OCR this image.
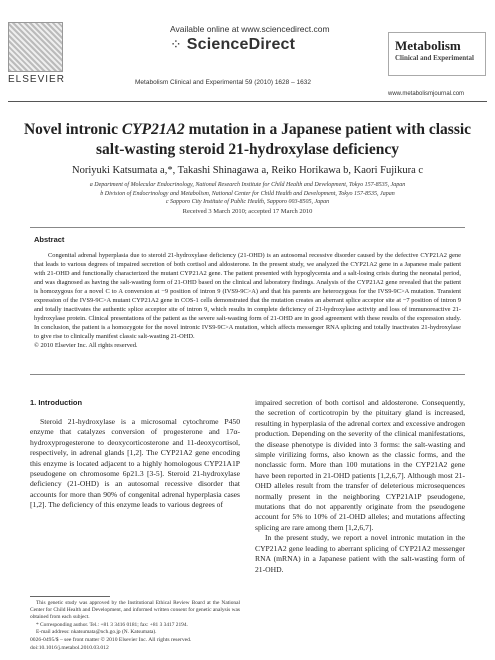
ELSEVIER
Available online at www.sciencedirect.com
⁘ ScienceDirect
Metabolism Clinical and Experimental 59 (2010) 1628 – 1632
Metabolism
Clinical and Experimental
www.metabolismjournal.com
Novel intronic CYP21A2 mutation in a Japanese patient with classic
salt-wasting steroid 21-hydroxylase deficiency
Noriyuki Katsumata a,*, Takashi Shinagawa a, Reiko Horikawa b, Kaori Fujikura c
a Department of Molecular Endocrinology, National Research Institute for Child Health and Development, Tokyo 157-8535, Japan
b Division of Endocrinology and Metabolism, National Center for Child Health and Development, Tokyo 157-8535, Japan
c Sapporo City Institute of Public Health, Sapporo 003-8505, Japan
Received 3 March 2010; accepted 17 March 2010
Abstract

Congenital adrenal hyperplasia due to steroid 21-hydroxylase deficiency (21-OHD) is an autosomal recessive disorder caused by the defective CYP21A2 gene that leads to various degrees of impaired secretion of both cortisol and aldosterone. In the present study, we analyzed the CYP21A2 gene in a Japanese male patient with 21-OHD and functionally characterized the mutant CYP21A2 gene. The patient presented with hypoglycemia and a salt-losing crisis during the neonatal period, and was diagnosed as having the salt-wasting form of 21-OHD based on the clinical and laboratory findings. Analysis of the CYP21A2 gene revealed that the patient is homozygous for a novel C to A conversion at −9 position of intron 9 (IVS9-9C>A) and that his parents are heterozygous for the IVS9-9C>A mutation. Transient expression of the IVS9-9C>A mutant CYP21A2 gene in COS-1 cells demonstrated that the mutation creates an aberrant splice acceptor site at −7 position of intron 9 and totally inactivates the authentic splice acceptor site of intron 9, which results in complete deficiency of 21-hydroxylase activity and loss of immunoreactive 21-hydroxylase protein. Clinical presentations of the patient as the severe salt-wasting form of 21-OHD are in good agreement with these results of the expression study. In conclusion, the patient is a homozygote for the novel intronic IVS9-9C>A mutation, which affects messenger RNA splicing and totally inactivates 21-hydroxylase to give rise to clinically manifest classic salt-wasting 21-OHD.

© 2010 Elsevier Inc. All rights reserved.

1. Introduction

Steroid 21-hydroxylase is a microsomal cytochrome P450 enzyme that catalyzes conversion of progesterone and 17α-hydroxyprogesterone to deoxycorticosterone and 11-deoxycortisol, respectively, in adrenal glands [1,2]. The CYP21A2 gene encoding this enzyme is located adjacent to a highly homologous CYP21A1P pseudogene on chromosome 6p21.3 [3-5]. Steroid 21-hydroxylase deficiency (21-OHD) is an autosomal recessive disorder that accounts for more than 90% of congenital adrenal hyperplasia cases [1,2]. The deficiency of this enzyme leads to various degrees of

impaired secretion of both cortisol and aldosterone. Consequently, the secretion of corticotropin by the pituitary gland is increased, resulting in hyperplasia of the adrenal cortex and excessive androgen production. Depending on the severity of the clinical manifestations, the disease phenotype is divided into 3 forms: the salt-wasting and simple virilizing forms, also known as the classic forms, and the nonclassic form. More than 100 mutations in the CYP21A2 gene have been reported in 21-OHD patients [1,2,6,7]. Although most 21-OHD alleles result from the transfer of deleterious microsequences normally present in the neighboring CYP21A1P pseudogene, mutations that do not apparently originate from the pseudogene account for 5% to 10% of 21-OHD alleles; and mutations affecting splicing are rare among them [1,2,6,7].

In the present study, we report a novel intronic mutation in the CYP21A2 gene leading to aberrant splicing of CYP21A2 messenger RNA (mRNA) in a Japanese patient with the salt-wasting form of 21-OHD.

This genetic study was approved by the Institutional Ethical Review Board at the National Center for Child Health and Development, and informed written consent for genetic analysis was obtained from each subject.

* Corresponding author. Tel.: +81 3 3416 0181; fax: +81 3 3417 2194.

E-mail address: nkatsumata@nch.go.jp (N. Katsumata).

0026-0495/$ – see front matter © 2010 Elsevier Inc. All rights reserved.
doi:10.1016/j.metabol.2010.03.012
